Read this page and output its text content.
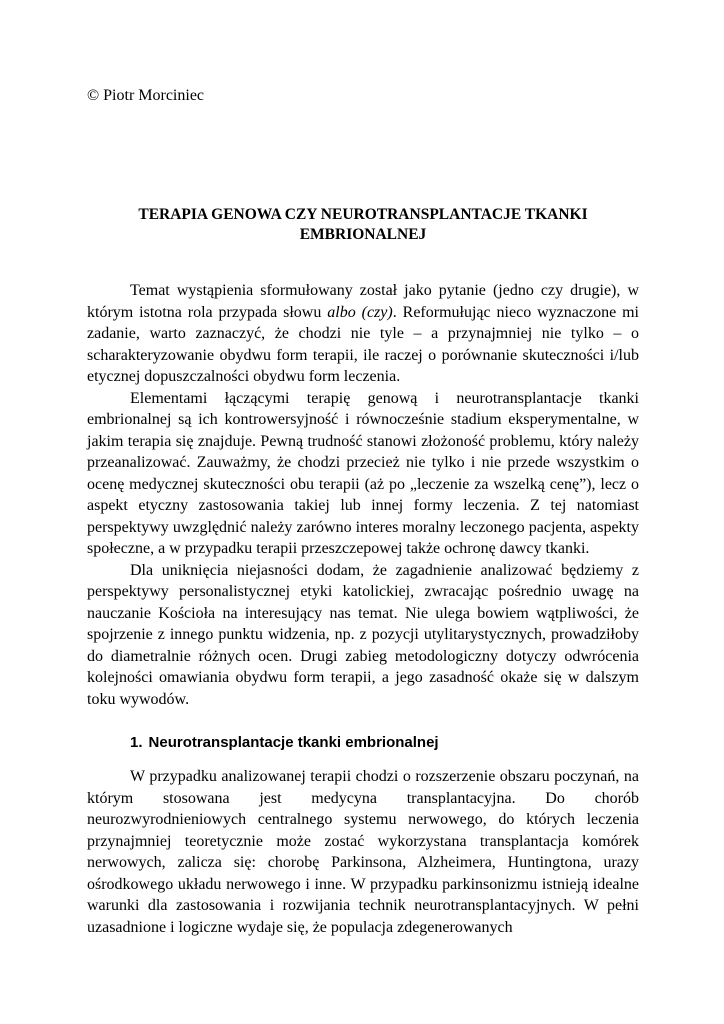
© Piotr Morciniec
TERAPIA GENOWA CZY NEUROTRANSPLANTACJE TKANKI
EMBRIONALNEJ

Temat wystąpienia sformułowany został jako pytanie (jedno czy drugie), w którym istotna rola przypada słowu albo (czy). Reformułując nieco wyznaczone mi zadanie, warto zaznaczyć, że chodzi nie tyle – a przynajmniej nie tylko – o scharakteryzowanie obydwu form terapii, ile raczej o porównanie skuteczności i/lub etycznej dopuszczalności obydwu form leczenia.

Elementami łączącymi terapię genową i neurotransplantacje tkanki embrionalnej są ich kontrowersyjność i równocześnie stadium eksperymentalne, w jakim terapia się znajduje. Pewną trudność stanowi złożoność problemu, który należy przeanalizować. Zauważmy, że chodzi przecież nie tylko i nie przede wszystkim o ocenę medycznej skuteczności obu terapii (aż po „leczenie za wszelką cenę”), lecz o aspekt etyczny zastosowania takiej lub innej formy leczenia. Z tej natomiast perspektywy uwzględnić należy zarówno interes moralny leczonego pacjenta, aspekty społeczne, a w przypadku terapii przeszczepowej także ochronę dawcy tkanki.

Dla uniknięcia niejasności dodam, że zagadnienie analizować będziemy z perspektywy personalistycznej etyki katolickiej, zwracając pośrednio uwagę na nauczanie Kościoła na interesujący nas temat. Nie ulega bowiem wątpliwości, że spojrzenie z innego punktu widzenia, np. z pozycji utylitarystycznych, prowadziłoby do diametralnie różnych ocen. Drugi zabieg metodologiczny dotyczy odwrócenia kolejności omawiania obydwu form terapii, a jego zasadność okaże się w dalszym toku wywodów.

1. Neurotransplantacje tkanki embrionalnej

W przypadku analizowanej terapii chodzi o rozszerzenie obszaru poczynań, na którym stosowana jest medycyna transplantacyjna. Do chorób neurozwyrodnieniowych centralnego systemu nerwowego, do których leczenia przynajmniej teoretycznie może zostać wykorzystana transplantacja komórek nerwowych, zalicza się: chorobę Parkinsona, Alzheimera, Huntingtona, urazy ośrodkowego układu nerwowego i inne. W przypadku parkinsonizmu istnieją idealne warunki dla zastosowania i rozwijania technik neurotransplantacyjnych. W pełni uzasadnione i logiczne wydaje się, że populacja zdegenerowanych
